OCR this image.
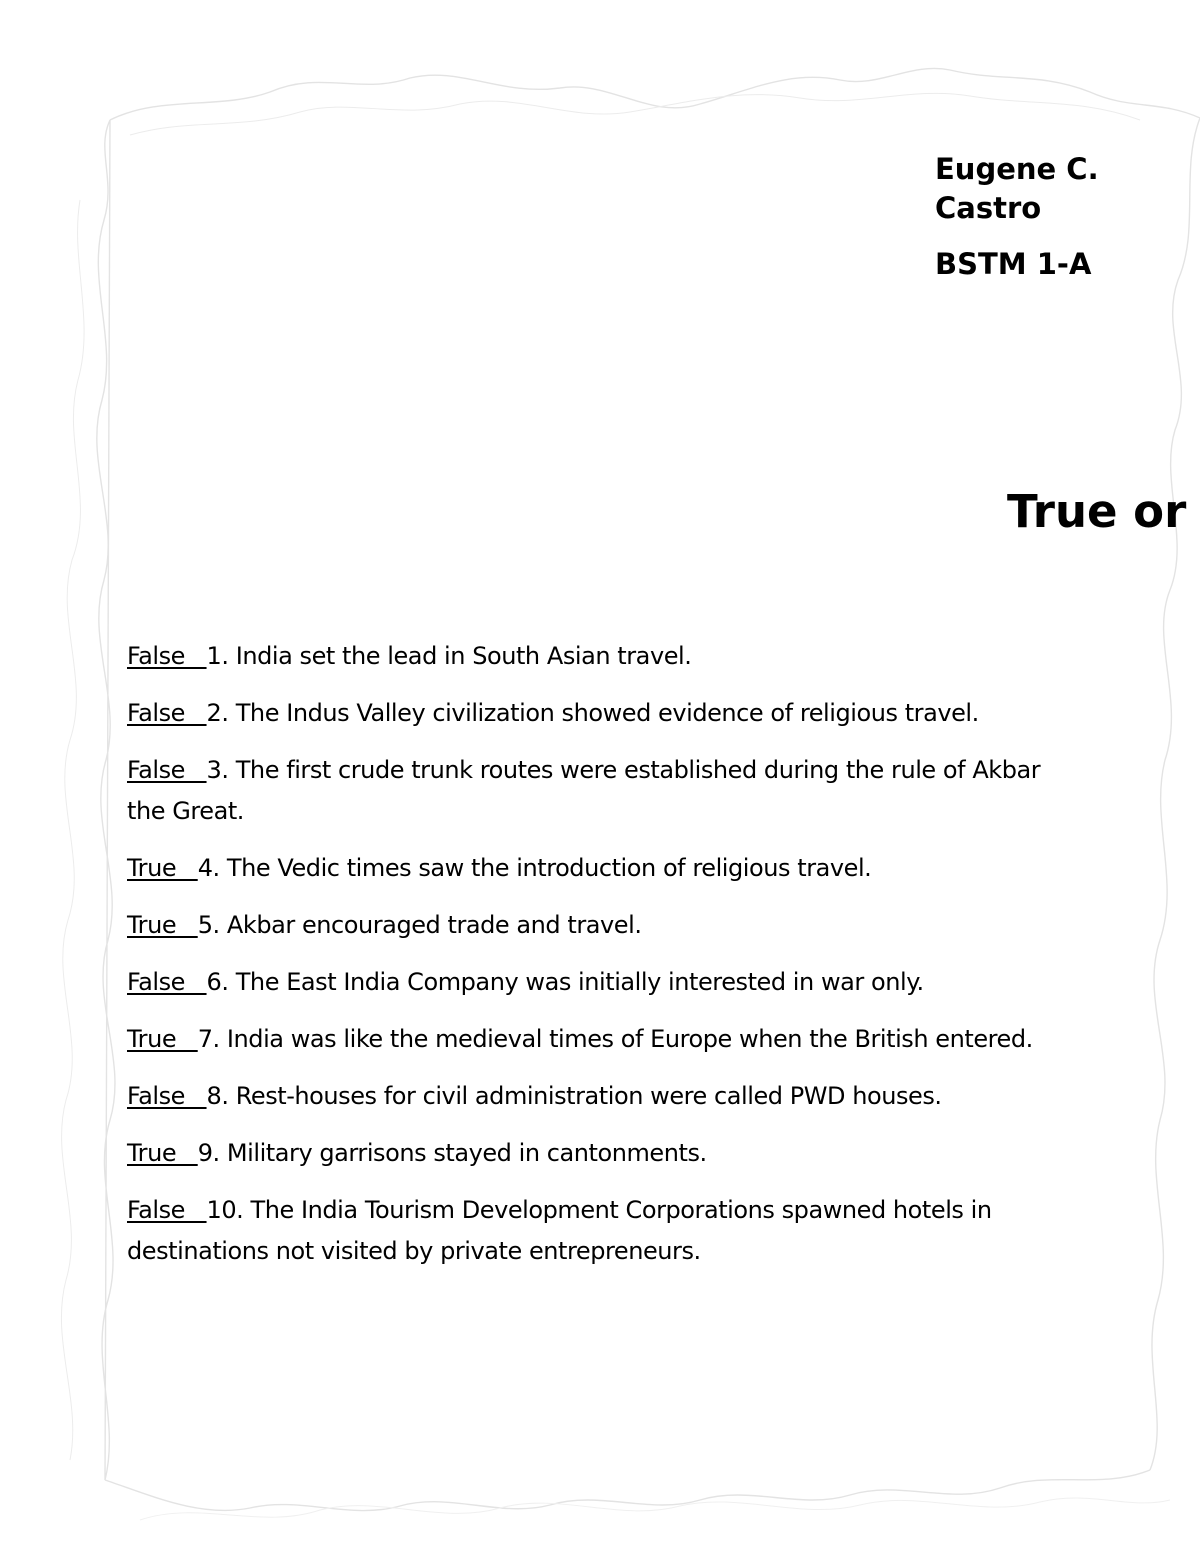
Eugene C. Castro
BSTM 1-A
True or
False   1. India set the lead in South Asian travel.
False   2. The Indus Valley civilization showed evidence of religious travel.
False   3. The first crude trunk routes were established during the rule of Akbar the Great.
True   4. The Vedic times saw the introduction of religious travel.
True   5. Akbar encouraged trade and travel.
False   6. The East India Company was initially interested in war only.
True   7. India was like the medieval times of Europe when the British entered.
False   8. Rest-houses for civil administration were called PWD houses.
True   9. Military garrisons stayed in cantonments.
False   10. The India Tourism Development Corporations spawned hotels in destinations not visited by private entrepreneurs.
